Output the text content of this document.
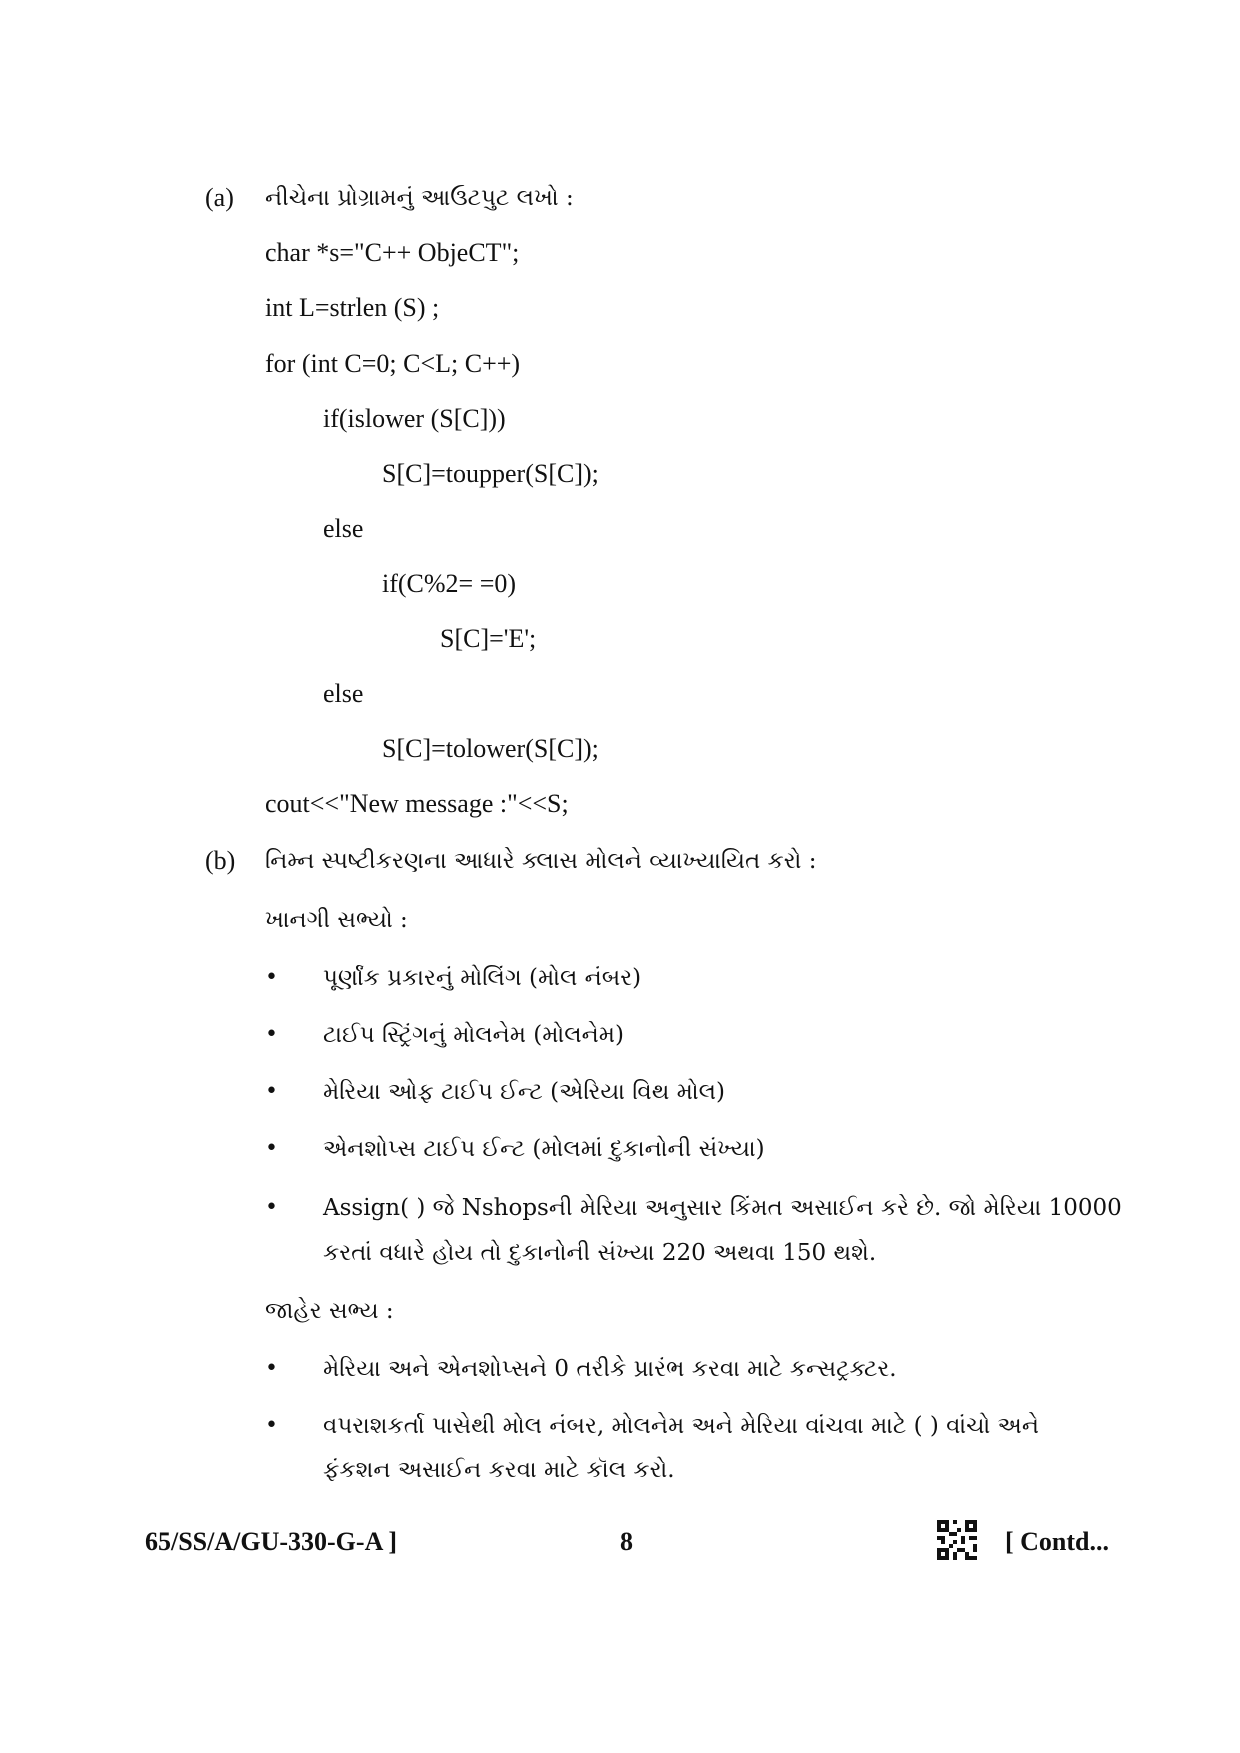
(a) નીચેના પ્રોગ્રામનું આઉટપુટ લખો :
char *s="C++ ObjeCT";
int L=strlen (S) ;
for (int C=0; C<L; C++)
if(islower (S[C]))
S[C]=toupper(S[C]);
else
if(C%2= =0)
S[C]='E';
else
S[C]=tolower(S[C]);
cout<<"New message :"<<S;
(b) નિમ્ન સ્પષ્ટીકરણના આધારે ક્લાસ મોલને વ્યાખ્યાયિત કરો :
ખાનગી સભ્યો :
• પૂર્ણાંક પ્રકારનું મોલિંગ (મોલ નંબર)
• ટાઈપ સ્ટ્રિંગનું મોલનેમ (મોલનેમ)
• મેરિયા ઓફ ટાઈપ ઈન્ટ (એરિયા વિથ મોલ)
• એનશોપ્સ ટાઈપ ઈન્ટ (મોલમાં દુકાનોની સંખ્યા)
• Assign( ) જે Nshopsની મેરિયા અનુસાર કિંમત અસાઈન કરે છે. જો મેરિયા 10000
કરતાં વધારે હોય તો દુકાનોની સંખ્યા 220 અથવા 150 થશે.
જાહેર સભ્ય :
• મેરિયા અને એનશોપ્સને 0 તરીકે પ્રારંભ કરવા માટે કન્સટ્રક્ટર.
• વપરાશકર્તા પાસેથી મોલ નંબર, મોલનેમ અને મેરિયા વાંચવા માટે ( ) વાંચો અને
ફંકશન અસાઈન કરવા માટે કૉલ કરો.
65/SS/A/GU-330-G-A ]	8	[ Contd...
